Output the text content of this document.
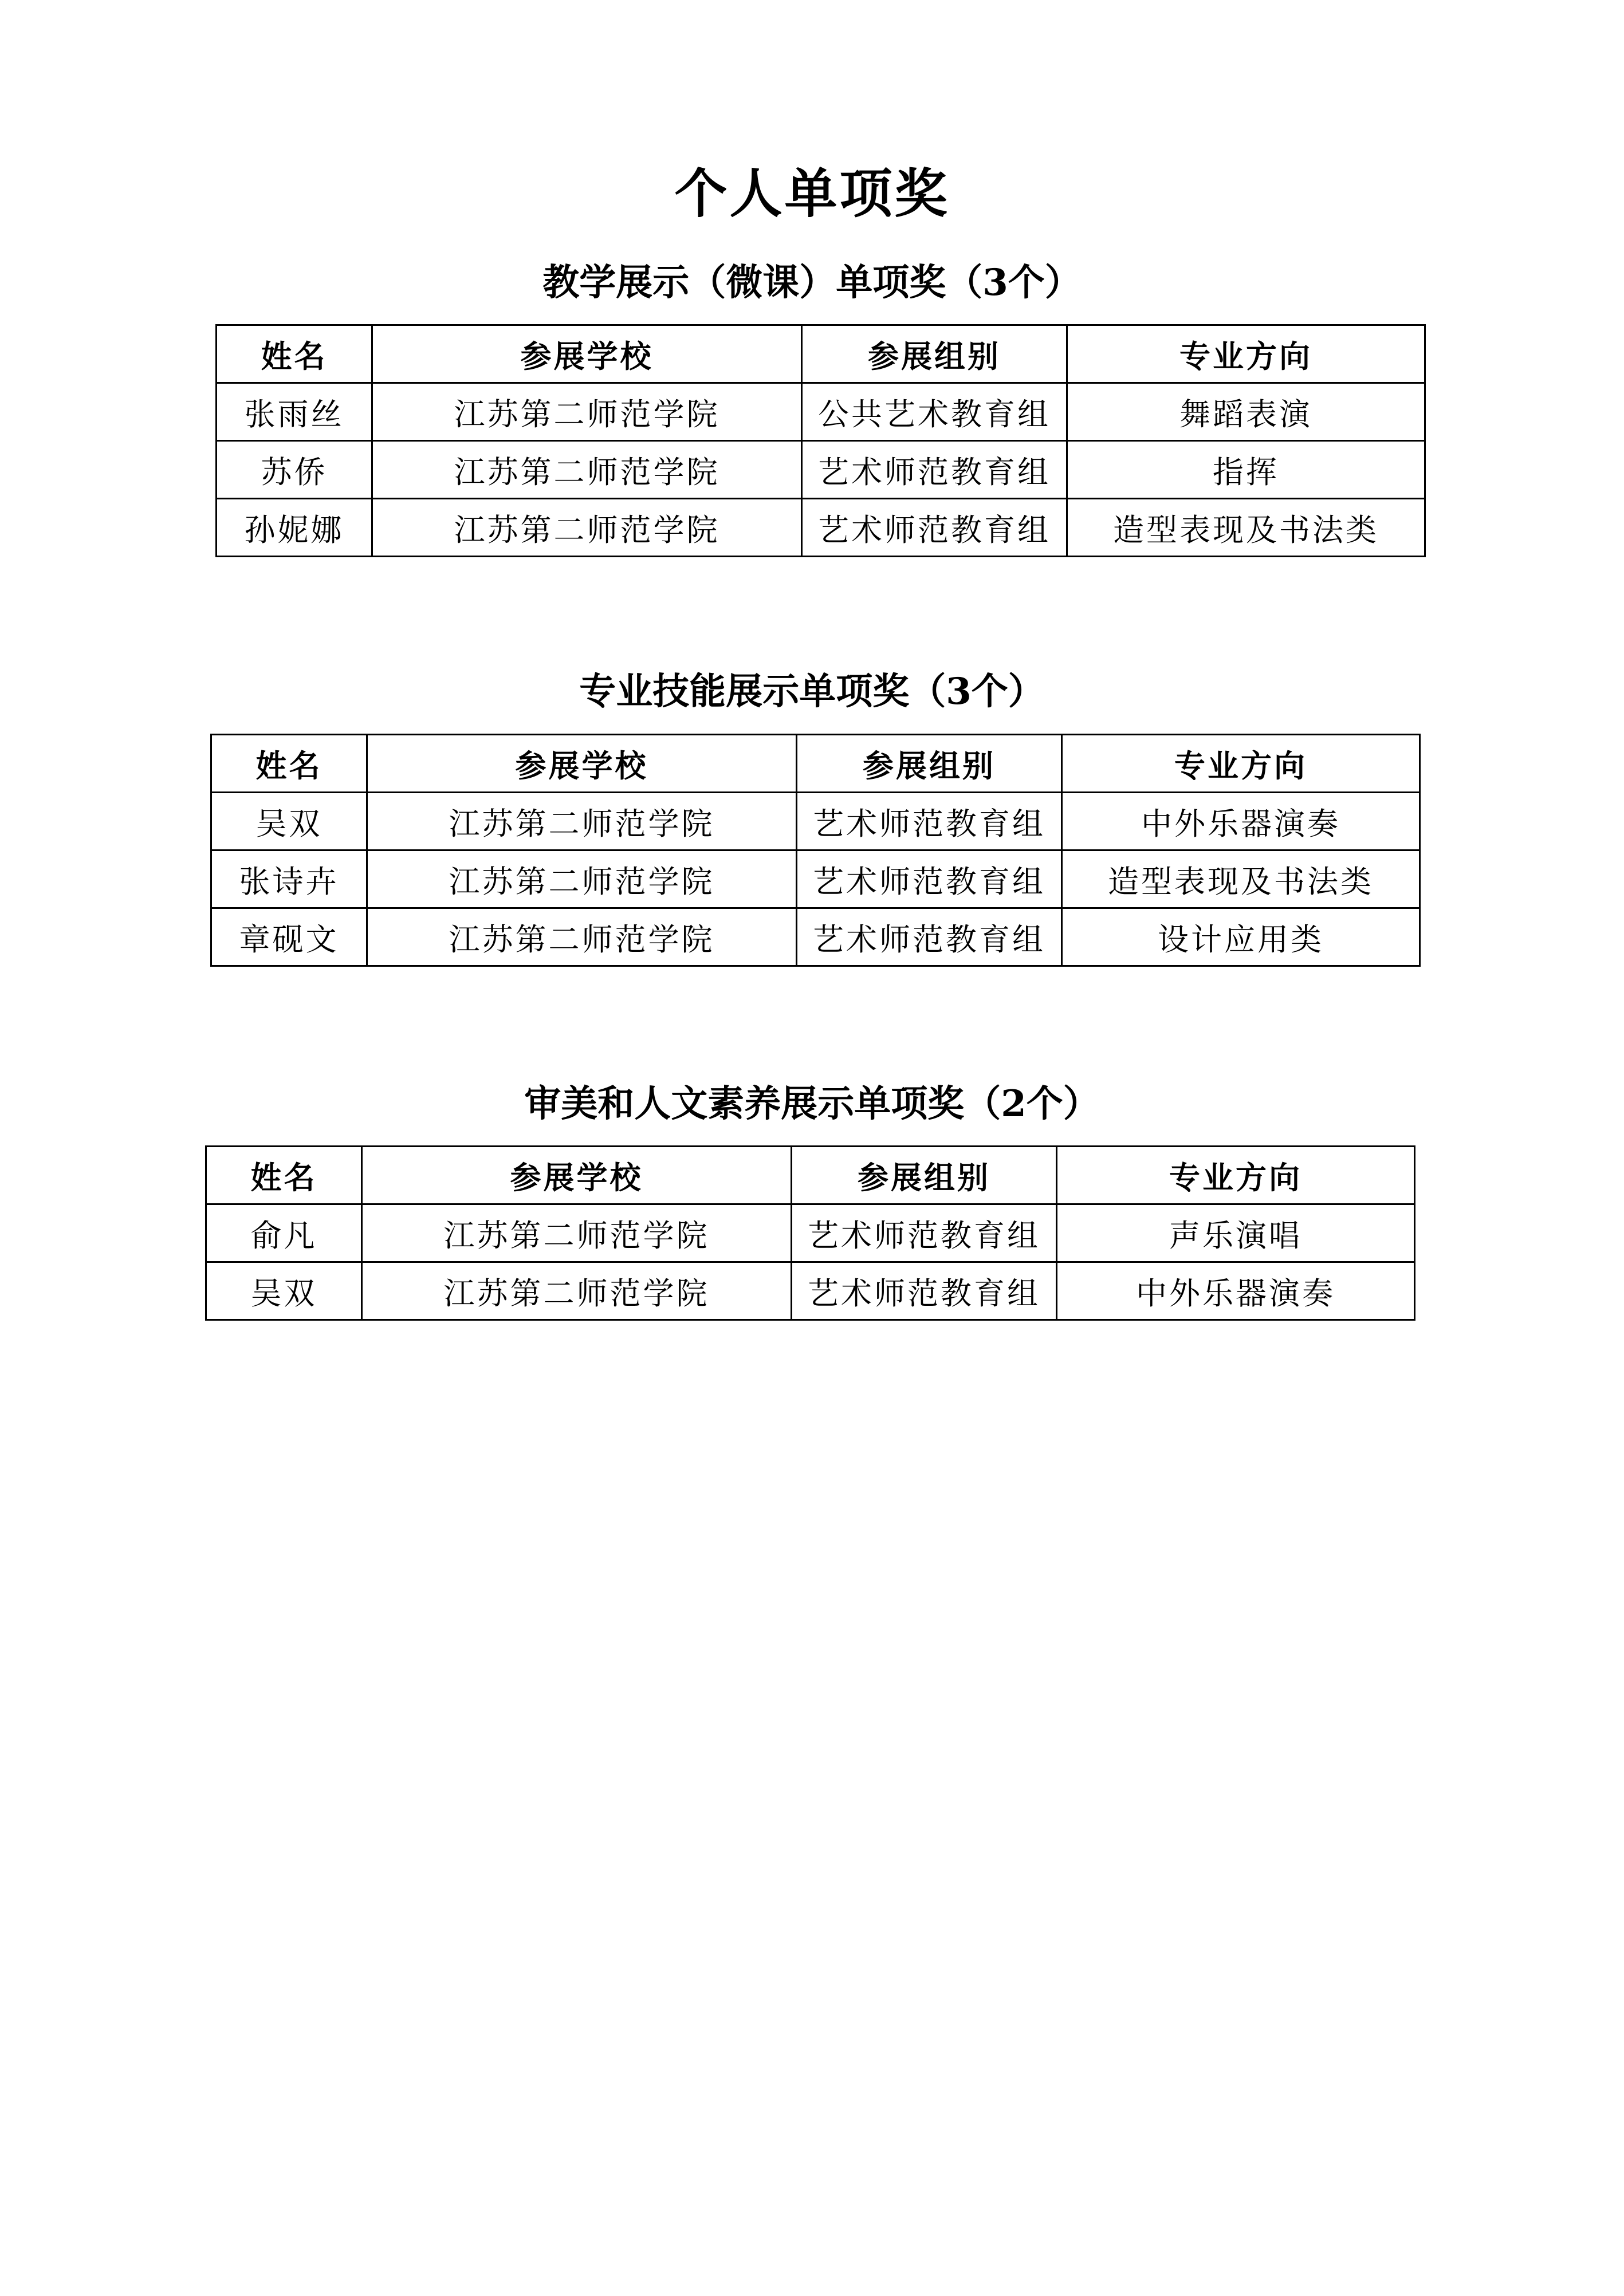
个人单项奖
教学展示（微课）单项奖（3个）
姓名	参展学校	参展组别	专业方向
张雨丝	江苏第二师范学院	公共艺术教育组	舞蹈表演
苏侨	江苏第二师范学院	艺术师范教育组	指挥
孙妮娜	江苏第二师范学院	艺术师范教育组	造型表现及书法类
专业技能展示单项奖（3个）
姓名	参展学校	参展组别	专业方向
吴双	江苏第二师范学院	艺术师范教育组	中外乐器演奏
张诗卉	江苏第二师范学院	艺术师范教育组	造型表现及书法类
章砚文	江苏第二师范学院	艺术师范教育组	设计应用类
审美和人文素养展示单项奖（2个）
姓名	参展学校	参展组别	专业方向
俞凡	江苏第二师范学院	艺术师范教育组	声乐演唱
吴双	江苏第二师范学院	艺术师范教育组	中外乐器演奏
